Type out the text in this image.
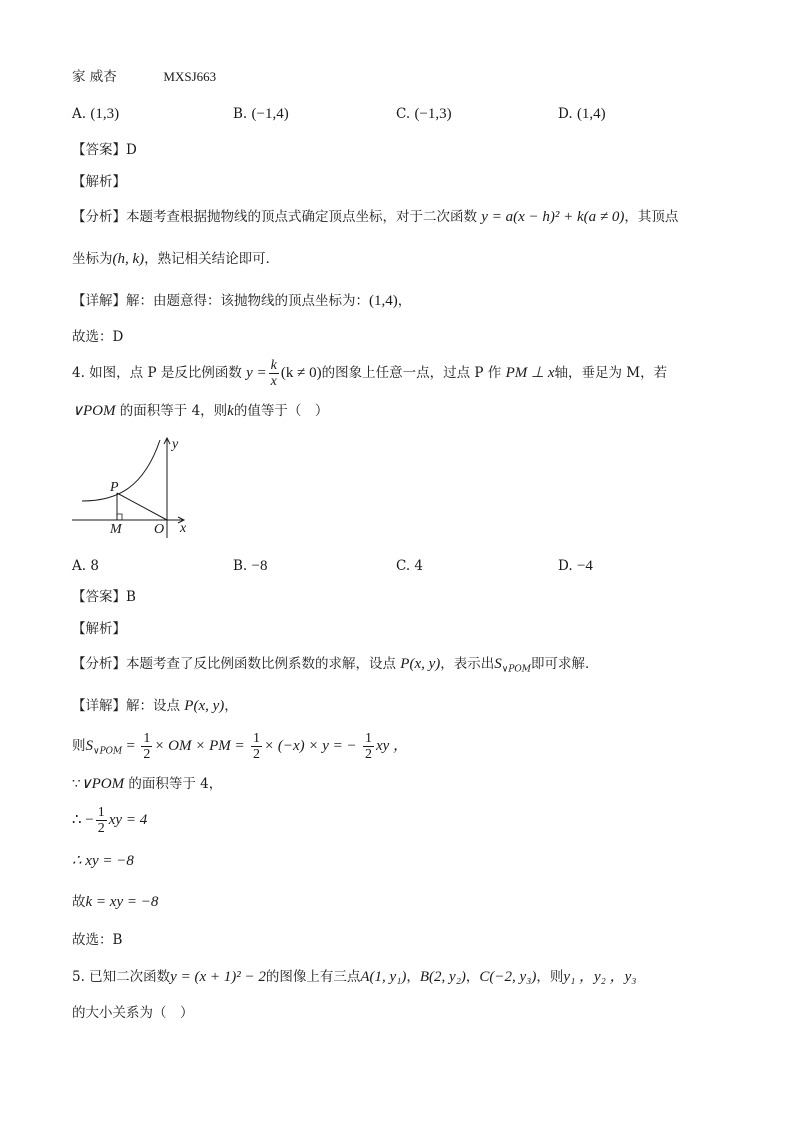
家 威杏	MXSJ663
A. (1,3)	B. (−1,4)	C. (−1,3)	D. (1,4)
【答案】D
【解析】
【分析】本题考查根据抛物线的顶点式确定顶点坐标，对于二次函数 y = a(x − h)² + k(a ≠ 0)，其顶点
坐标为(h, k)，熟记相关结论即可．
【详解】解：由题意得：该抛物线的顶点坐标为：(1,4)，
故选：D
4. 如图，点 P 是反比例函数 $y = \frac{k}{x} (k \ne 0)$的图象上任意一点，过点 P 作 PM ⊥ x轴，垂足为 M，若
∨POM 的面积等于 4，则k的值等于（　）
y
x
P
M O
A. 8	B. −8	C. 4	D. −4
【答案】B
【解析】
【分析】本题考查了反比例函数比例系数的求解，设点 P(x, y)，表示出$S_{\vee POM}$即可求解．
【详解】解：设点 P(x, y)，
则$S_{\vee POM} = \frac{1}{2}$ × OM × PM = $\frac{1}{2} \times (-x) \times y$ = − $\frac{1}{2}$ xy ，
∵∨POM 的面积等于 4，
∴ − $\frac{1}{2}$ xy = 4
∴ xy = −8
故k = xy = −8
故选：B
5. 已知二次函数y = (x + 1)² − 2的图像上有三点A(1, y₁)，B(2, y₂)，C(−2, y₃)，则y₁ ，y₂ ，y₃
的大小关系为（　）
